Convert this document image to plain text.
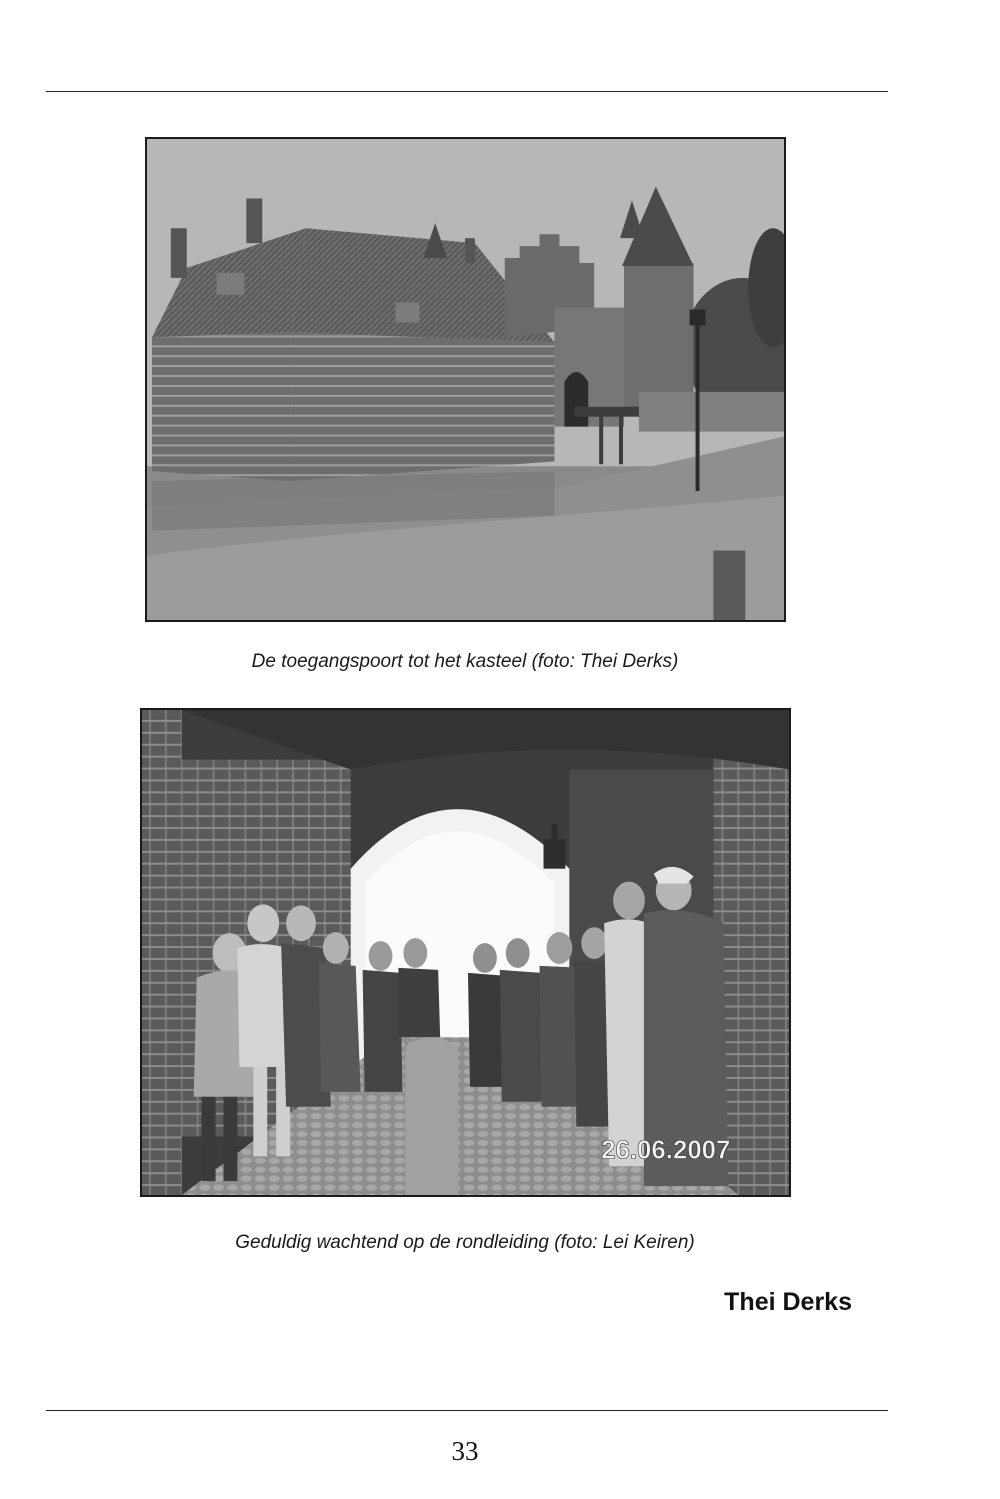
De toegangspoort tot het kasteel (foto: Thei Derks)
26.06.2007
Geduldig wachtend op de rondleiding (foto: Lei Keiren)
Thei Derks
33
